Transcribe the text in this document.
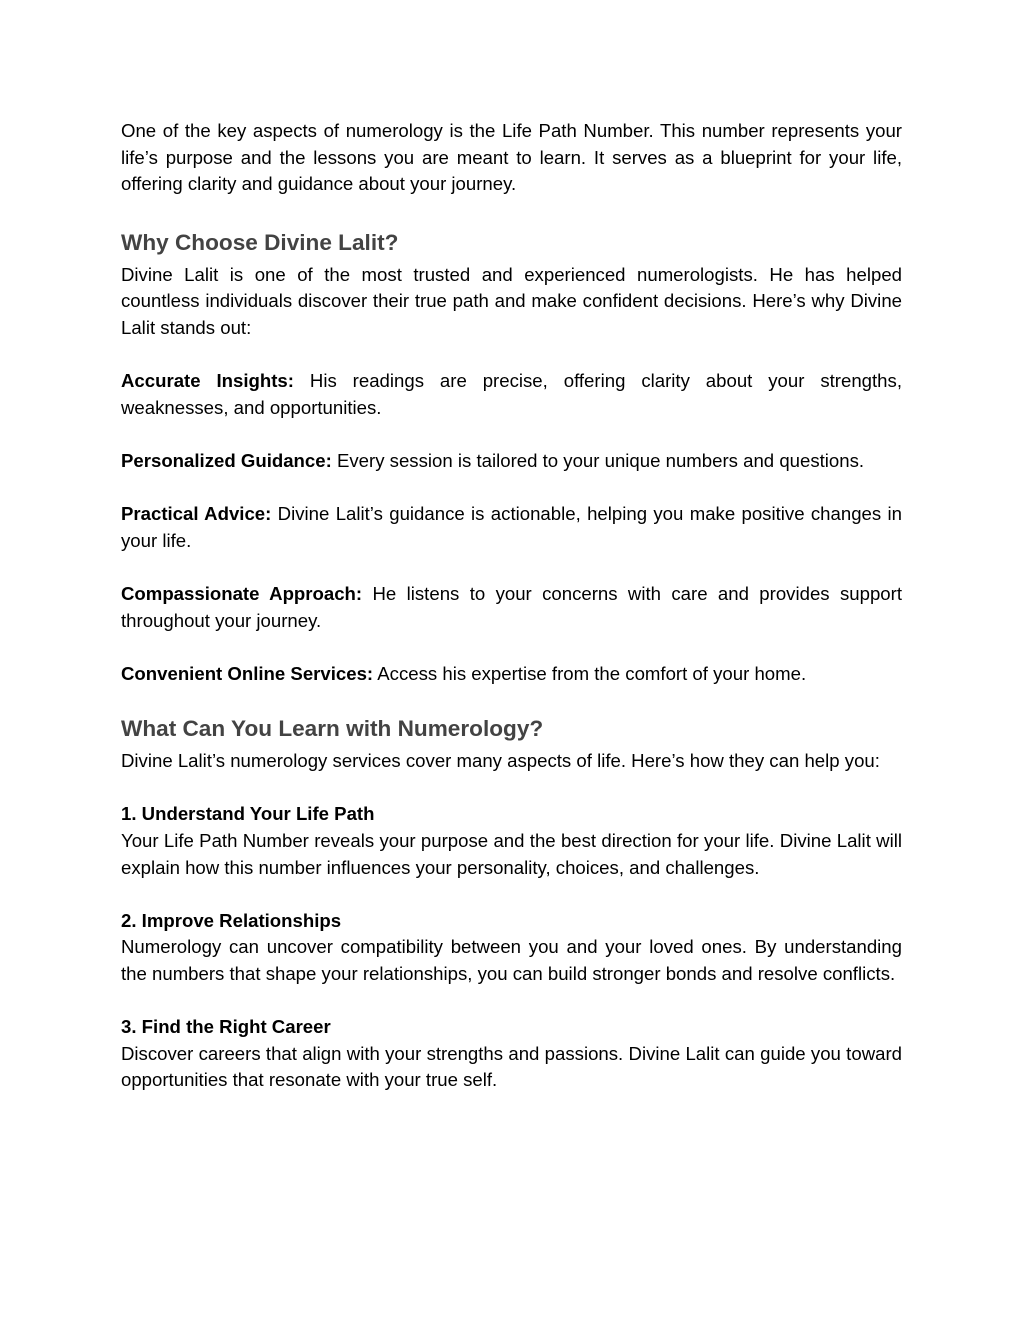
One of the key aspects of numerology is the Life Path Number. This number represents your life’s purpose and the lessons you are meant to learn. It serves as a blueprint for your life, offering clarity and guidance about your journey.

Why Choose Divine Lalit?

Divine Lalit is one of the most trusted and experienced numerologists. He has helped countless individuals discover their true path and make confident decisions. Here’s why Divine Lalit stands out:

Accurate Insights: His readings are precise, offering clarity about your strengths, weaknesses, and opportunities.

Personalized Guidance: Every session is tailored to your unique numbers and questions.

Practical Advice: Divine Lalit’s guidance is actionable, helping you make positive changes in your life.

Compassionate Approach: He listens to your concerns with care and provides support throughout your journey.

Convenient Online Services: Access his expertise from the comfort of your home.

What Can You Learn with Numerology?

Divine Lalit’s numerology services cover many aspects of life. Here’s how they can help you:

1. Understand Your Life Path

Your Life Path Number reveals your purpose and the best direction for your life. Divine Lalit will explain how this number influences your personality, choices, and challenges.

2. Improve Relationships

Numerology can uncover compatibility between you and your loved ones. By understanding the numbers that shape your relationships, you can build stronger bonds and resolve conflicts.

3. Find the Right Career

Discover careers that align with your strengths and passions. Divine Lalit can guide you toward opportunities that resonate with your true self.
